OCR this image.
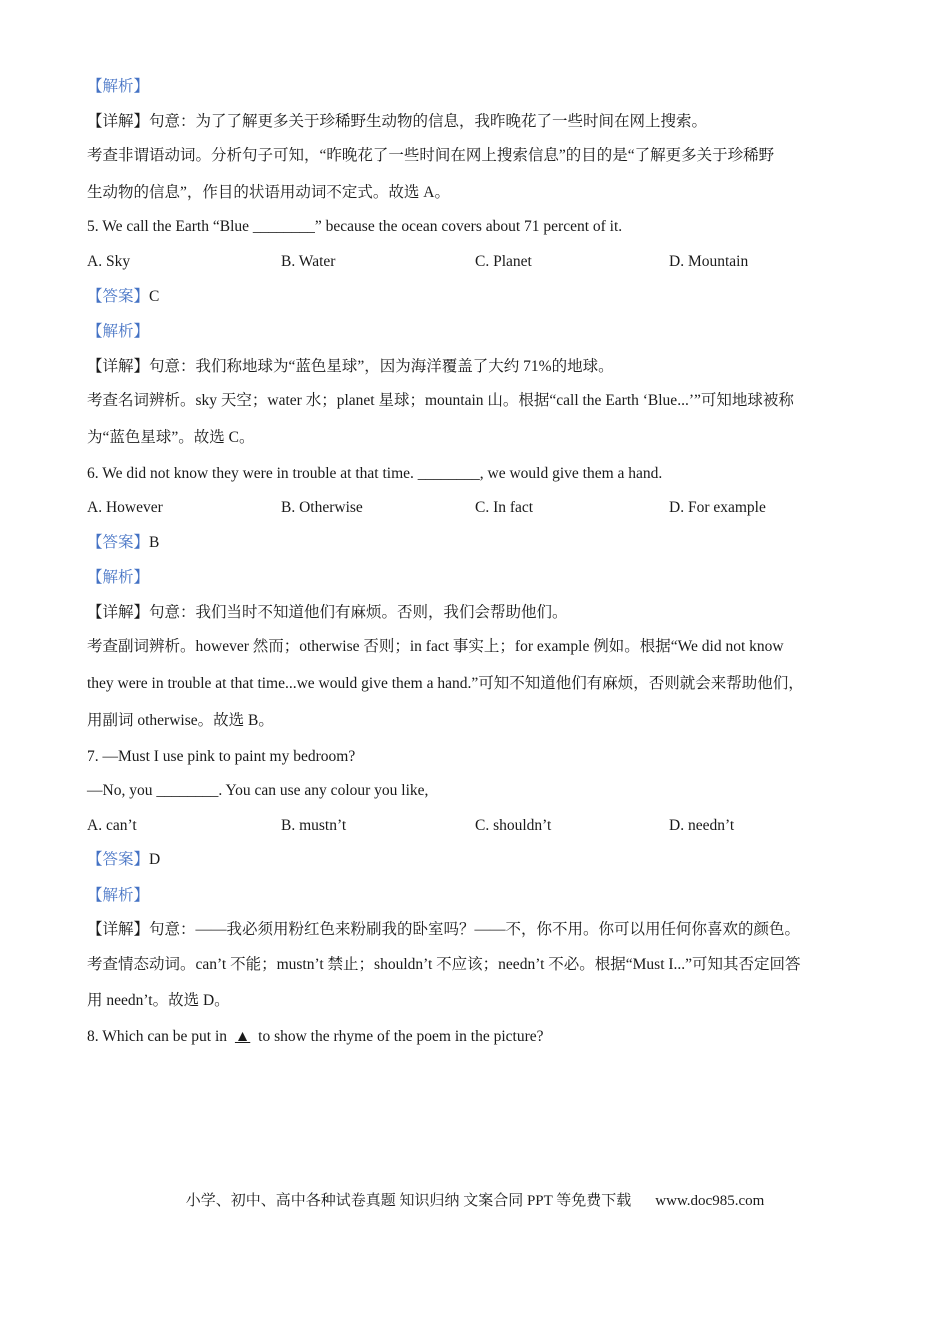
【解析】
【详解】句意：为了了解更多关于珍稀野生动物的信息，我昨晚花了一些时间在网上搜索。
考查非谓语动词。分析句子可知，“昨晚花了一些时间在网上搜索信息”的目的是“了解更多关于珍稀野
生动物的信息”，作目的状语用动词不定式。故选 A。
5. We call the Earth “Blue ________” because the ocean covers about 71 percent of it.
A. Sky	B. Water	C. Planet	D. Mountain
【答案】C
【解析】
【详解】句意：我们称地球为“蓝色星球”，因为海洋覆盖了大约 71%的地球。
考查名词辨析。sky 天空；water 水；planet 星球；mountain 山。根据“call the Earth ‘Blue...’”可知地球被称
为“蓝色星球”。故选 C。
6. We did not know they were in trouble at that time. ________, we would give them a hand.
A. However	B. Otherwise	C. In fact	D. For example
【答案】B
【解析】
【详解】句意：我们当时不知道他们有麻烦。否则，我们会帮助他们。
考查副词辨析。however 然而；otherwise 否则；in fact 事实上；for example 例如。根据“We did not know
they were in trouble at that time...we would give them a hand.”可知不知道他们有麻烦，否则就会来帮助他们，
用副词 otherwise。故选 B。
7. —Must I use pink to paint my bedroom?
—No, you ________. You can use any colour you like,
A. can’t	B. mustn’t	C. shouldn’t	D. needn’t
【答案】D
【解析】
【详解】句意：——我必须用粉红色来粉刷我的卧室吗？——不，你不用。你可以用任何你喜欢的颜色。
考查情态动词。can’t 不能；mustn’t 禁止；shouldn’t 不应该；needn’t 不必。根据“Must I...”可知其否定回答
用 needn’t。故选 D。
8. Which can be put in ▲ to show the rhyme of the poem in the picture?
小学、初中、高中各种试卷真题 知识归纳 文案合同 PPT 等免费下载 www.doc985.com
